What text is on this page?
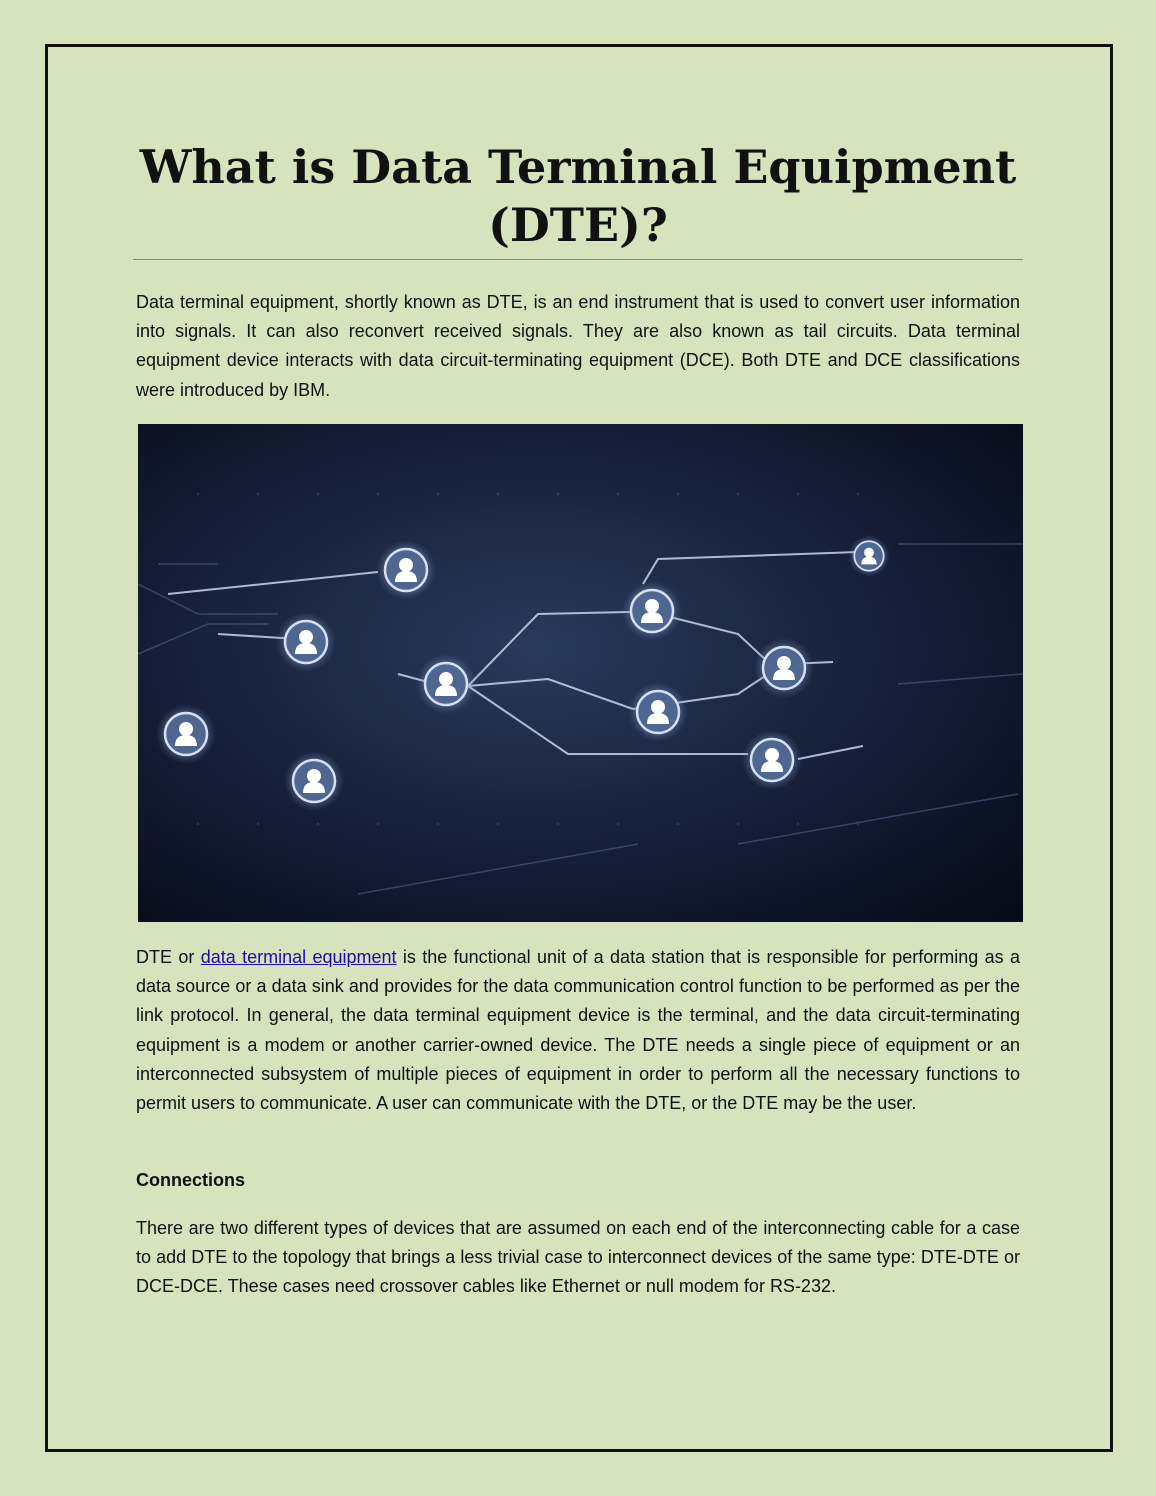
What is Data Terminal Equipment (DTE)?

Data terminal equipment, shortly known as DTE, is an end instrument that is used to convert user information into signals. It can also reconvert received signals. They are also known as tail circuits. Data terminal equipment device interacts with data circuit-terminating equipment (DCE). Both DTE and DCE classifications were introduced by IBM.

DTE or data terminal equipment is the functional unit of a data station that is responsible for performing as a data source or a data sink and provides for the data communication control function to be performed as per the link protocol. In general, the data terminal equipment device is the terminal, and the data circuit-terminating equipment is a modem or another carrier-owned device. The DTE needs a single piece of equipment or an interconnected subsystem of multiple pieces of equipment in order to perform all the necessary functions to permit users to communicate. A user can communicate with the DTE, or the DTE may be the user.

Connections

There are two different types of devices that are assumed on each end of the interconnecting cable for a case to add DTE to the topology that brings a less trivial case to interconnect devices of the same type: DTE-DTE or DCE-DCE. These cases need crossover cables like Ethernet or null modem for RS-232.
